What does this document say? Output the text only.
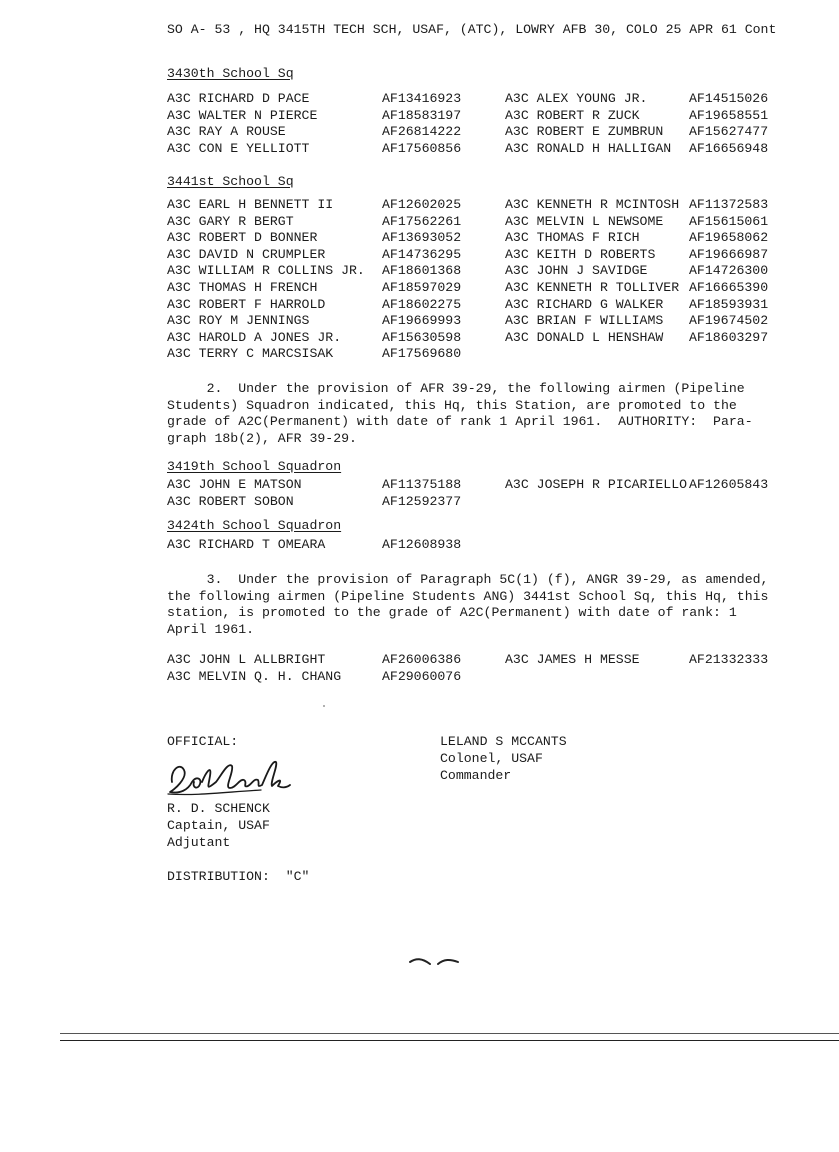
SO A- 53 , HQ 3415TH TECH SCH, USAF, (ATC), LOWRY AFB 30, COLO 25 APR 61 Cont
3430th School Sq
A3C RICHARD D PACE	AF13416923	A3C ALEX YOUNG JR.	AF14515026
A3C WALTER N PIERCE	AF18583197	A3C ROBERT R ZUCK	AF19658551
A3C RAY A ROUSE	AF26814222	A3C ROBERT E ZUMBRUN AF15627477
A3C CON E YELLIOTT	AF17560856	A3C RONALD H HALLIGAN AF16656948
3441st School Sq
A3C EARL H BENNETT II	AF12602025	A3C KENNETH R MCINTOSH AF11372583
A3C GARY R BERGT	AF17562261	A3C MELVIN L NEWSOME AF15615061
A3C ROBERT D BONNER	AF13693052	A3C THOMAS F RICH	AF19658062
A3C DAVID N CRUMPLER	AF14736295	A3C KEITH D ROBERTS	AF19666987
A3C WILLIAM R COLLINS JR. AF18601368	A3C JOHN J SAVIDGE	AF14726300
A3C THOMAS H FRENCH	AF18597029	A3C KENNETH R TOLLIVER AF16665390
A3C ROBERT F HARROLD	AF18602275	A3C RICHARD G WALKER AF18593931
A3C ROY M JENNINGS	AF19669993	A3C BRIAN F WILLIAMS AF19674502
A3C HAROLD A JONES JR.	AF15630598	A3C DONALD L HENSHAW AF18603297
A3C TERRY C MARCSISAK	AF17569680
2.  Under the provision of AFR 39-29, the following airmen (Pipeline
Students) Squadron indicated, this Hq, this Station, are promoted to the
grade of A2C(Permanent) with date of rank 1 April 1961.  AUTHORITY:  Para-
graph 18b(2), AFR 39-29.
3419th School Squadron
A3C JOHN E MATSON	AF11375188	A3C JOSEPH R PICARIELLO AF12605843
A3C ROBERT SOBON	AF12592377
3424th School Squadron
A3C RICHARD T OMEARA	AF12608938
3.  Under the provision of Paragraph 5C(1) (f), ANGR 39-29, as amended,
the following airmen (Pipeline Students ANG) 3441st School Sq, this Hq, this
station, is promoted to the grade of A2C(Permanent) with date of rank: 1
April 1961.
A3C JOHN L ALLBRIGHT	AF26006386	A3C JAMES H MESSE	AF21332333
A3C MELVIN Q. H. CHANG	AF29060076
OFFICIAL:
R. D. SCHENCK
Captain, USAF
Adjutant
LELAND S MCCANTS
Colonel, USAF
Commander
DISTRIBUTION:  "C"
